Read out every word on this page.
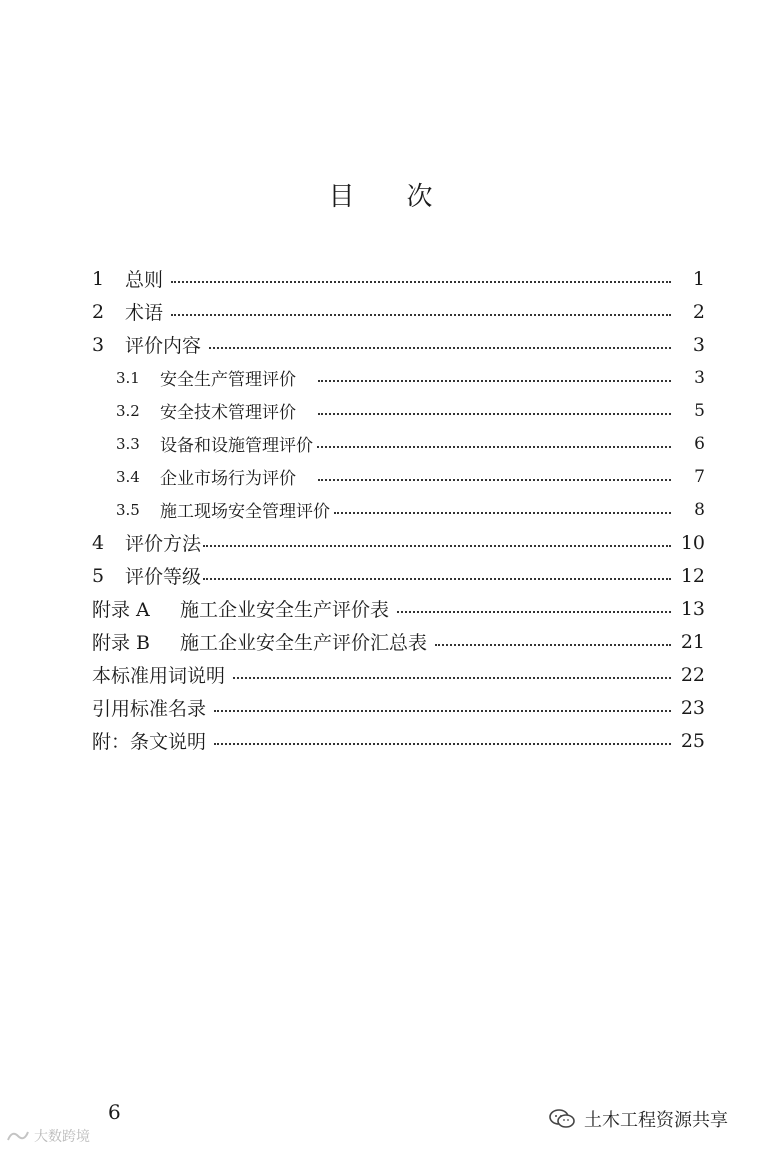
目次
1	总则	1
2	术语	2
3	评价内容	3
3.1	安全生产管理评价	3
3.2	安全技术管理评价	5
3.3	设备和设施管理评价	6
3.4	企业市场行为评价	7
3.5	施工现场安全管理评价	8
4	评价方法	10
5	评价等级	12
附录 A	施工企业安全生产评价表	13
附录 B	施工企业安全生产评价汇总表	21
本标准用词说明	22
引用标准名录	23
附：条文说明	25
6
大数跨境
土木工程资源共享
